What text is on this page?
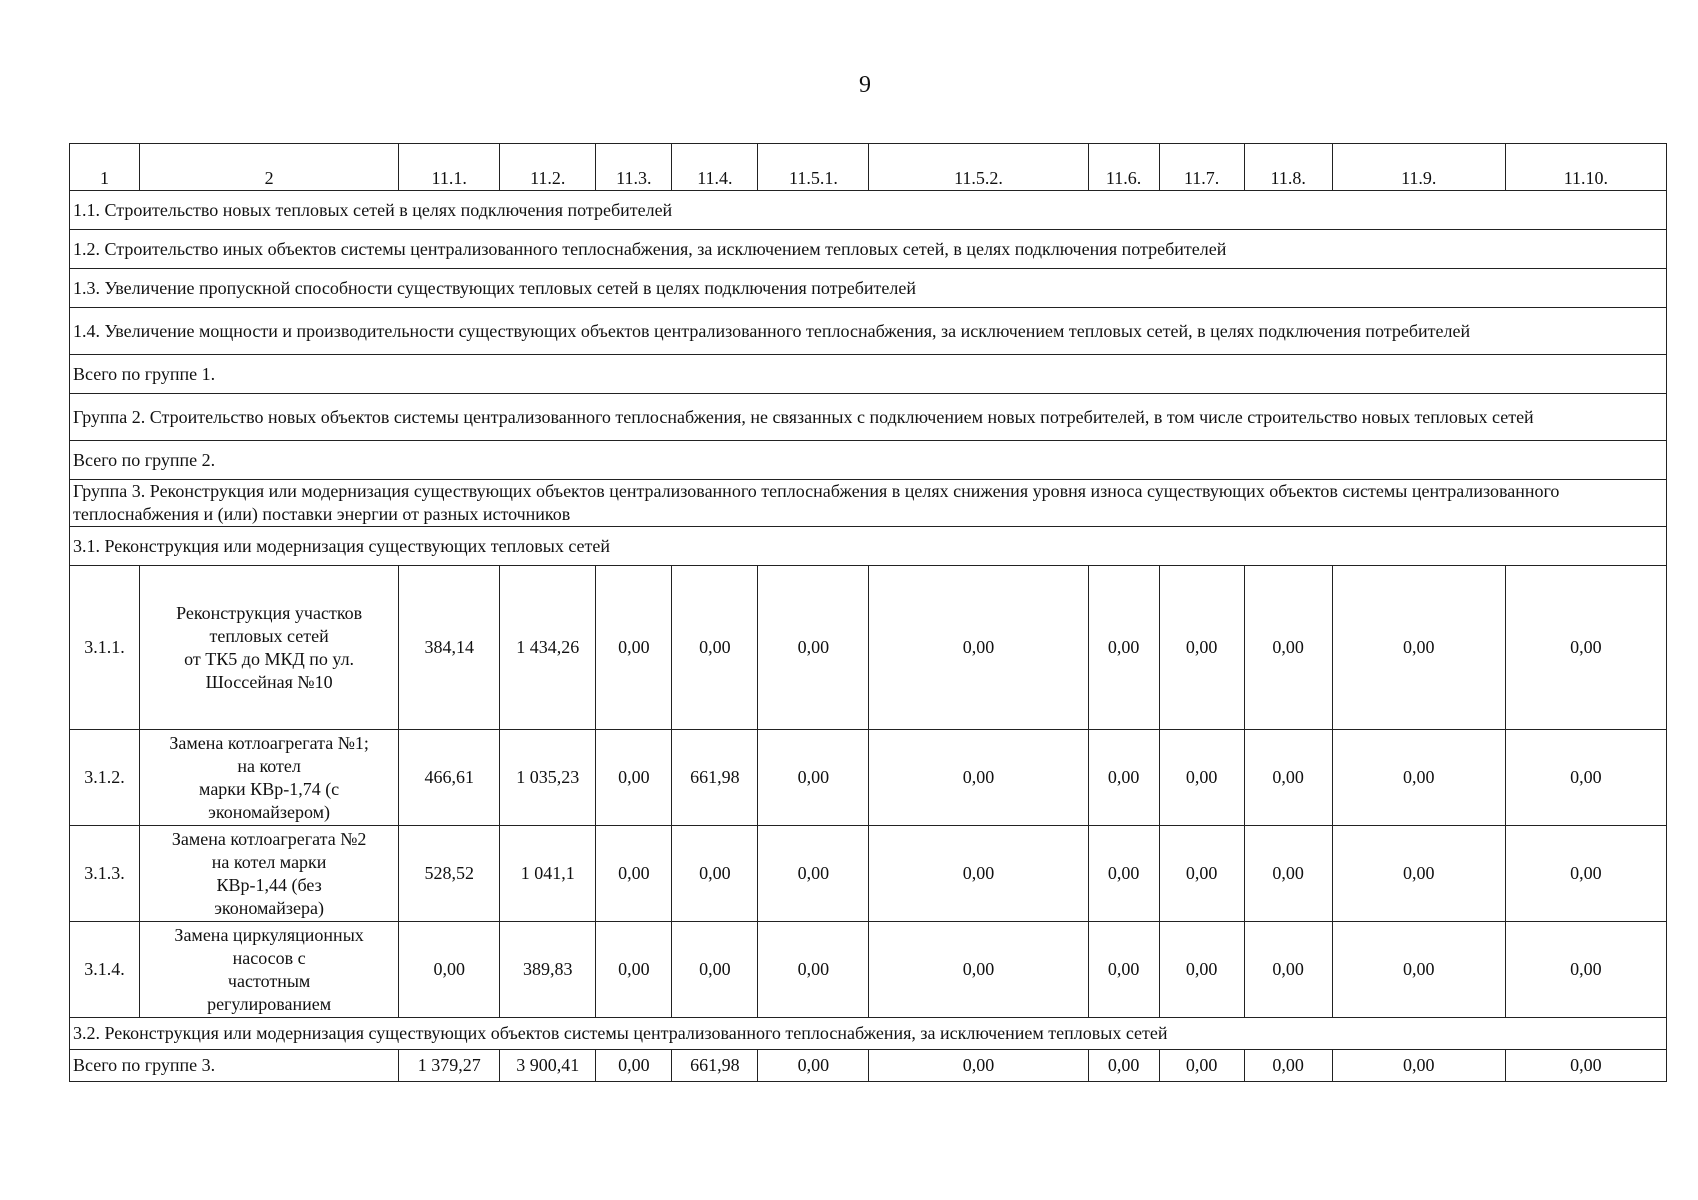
9
1	2	11.1.	11.2.	11.3.	11.4.	11.5.1.	11.5.2.	11.6.	11.7.	11.8.	11.9.	11.10.
1.1. Строительство новых тепловых сетей в целях подключения потребителей												
1.2. Строительство иных объектов системы централизованного теплоснабжения, за исключением тепловых сетей, в целях подключения потребителей												
1.3. Увеличение пропускной способности существующих тепловых сетей в целях подключения потребителей												
1.4. Увеличение мощности и производительности существующих объектов централизованного теплоснабжения, за исключением тепловых сетей, в целях подключения потребителей												
Всего по группе 1.												
Группа 2. Строительство новых объектов системы централизованного теплоснабжения, не связанных с подключением новых потребителей, в том числе строительство новых тепловых сетей												
Всего по группе 2.												
Группа 3. Реконструкция или модернизация существующих объектов централизованного теплоснабжения в целях снижения уровня износа существующих объектов системы централизованного теплоснабжения и (или) поставки энергии от разных источников												
3.1. Реконструкция или модернизация существующих тепловых сетей												
3.1.1.	Реконструкция участков
тепловых сетей
от ТК5 до МКД по ул.
Шоссейная №10	384,14	1 434,26	0,00	0,00	0,00	0,00	0,00	0,00	0,00	0,00	0,00
3.1.2.	Замена котлоагрегата №1;
на котел
марки КВр-1,74 (с
экономайзером)	466,61	1 035,23	0,00	661,98	0,00	0,00	0,00	0,00	0,00	0,00	0,00
3.1.3.	Замена котлоагрегата №2
на котел марки
КВр-1,44 (без
экономайзера)	528,52	1 041,1	0,00	0,00	0,00	0,00	0,00	0,00	0,00	0,00	0,00
3.1.4.	Замена циркуляционных
насосов с
частотным
регулированием	0,00	389,83	0,00	0,00	0,00	0,00	0,00	0,00	0,00	0,00	0,00
3.2. Реконструкция или модернизация существующих объектов системы централизованного теплоснабжения, за исключением тепловых сетей												
Всего по группе 3.		1 379,27	3 900,41	0,00	661,98	0,00	0,00	0,00	0,00	0,00	0,00	0,00
